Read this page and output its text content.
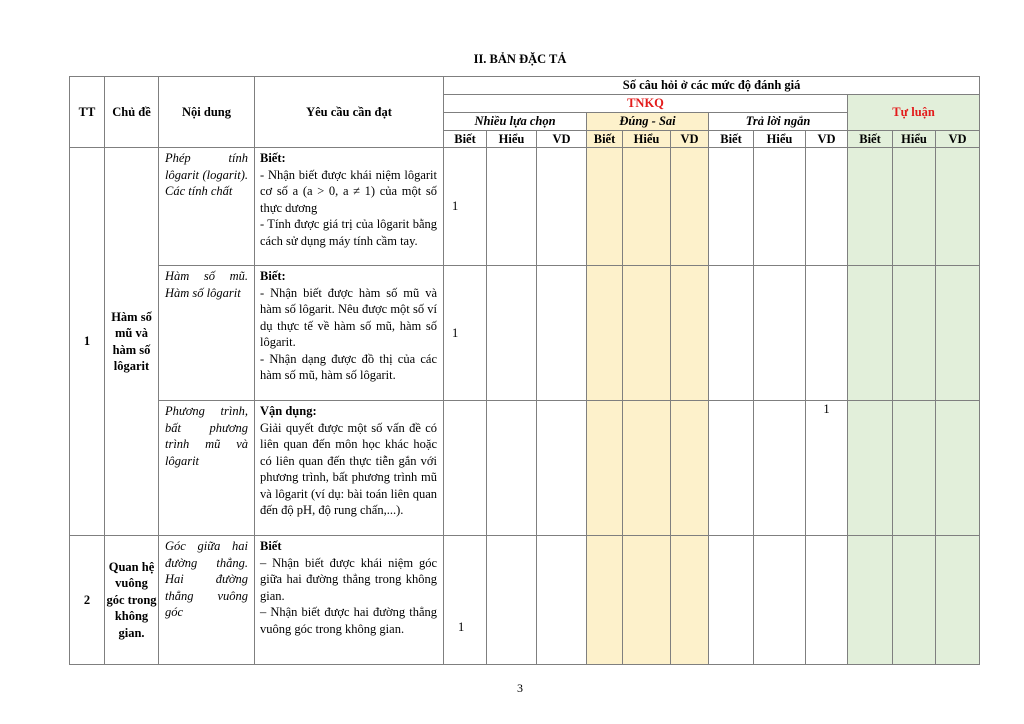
II. BẢN ĐẶC TẢ
TT	Chủ đề	Nội dung	Yêu cầu cần đạt	Số câu hỏi ở các mức độ đánh giá											
				TNKQ									Tự luận		
				Nhiều lựa chọn			Đúng - Sai			Trả lời ngắn					
				Biết	Hiểu	VD	Biết	Hiểu	VD	Biết	Hiểu	VD	Biết	Hiểu	VD
1	Hàm số mũ và hàm số lôgarit	Phép tính lôgarit (logarit). Các tính chất	Biết:
- Nhận biết được khái niệm lôgarit cơ số a (a > 0, a ≠ 1) của một số thực dương
- Tính được giá trị của lôgarit bằng cách sử dụng máy tính cầm tay.	1											
		Hàm số mũ. Hàm số lôgarit	Biết:
- Nhận biết được hàm số mũ và hàm số lôgarit. Nêu được một số ví dụ thực tế về hàm số mũ, hàm số lôgarit.
- Nhận dạng được đồ thị của các hàm số mũ, hàm số lôgarit.	1											
		Phương trình, bất phương trình mũ và lôgarit	Vận dụng:
Giải quyết được một số vấn đề có liên quan đến môn học khác hoặc có liên quan đến thực tiễn gắn với phương trình, bất phương trình mũ và lôgarit (ví dụ: bài toán liên quan đến độ pH, độ rung chấn,...).									1			
2	Quan hệ vuông góc trong không gian.	Góc giữa hai đường thẳng. Hai đường thẳng vuông góc	Biết
– Nhận biết được khái niệm góc giữa hai đường thẳng trong không gian.
– Nhận biết được hai đường thẳng vuông góc trong không gian.	1											
3
